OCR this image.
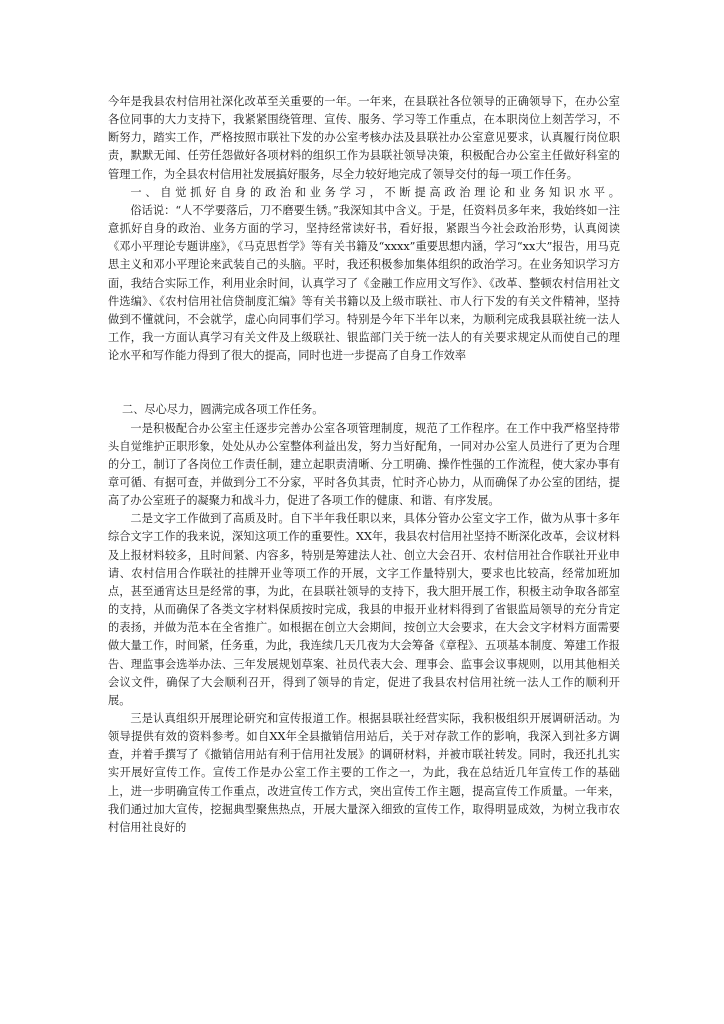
今年是我县农村信用社深化改革至关重要的一年。一年来，在县联社各位领导的正确领导下，在办公室各位同事的大力支持下，我紧紧围绕管理、宣传、服务、学习等工作重点，在本职岗位上刻苦学习，不断努力，踏实工作，严格按照市联社下发的办公室考核办法及县联社办公室意见要求，认真履行岗位职责，默默无闻、任劳任怨做好各项材料的组织工作为县联社领导决策，积极配合办公室主任做好科室的管理工作，为全县农村信用社发展搞好服务，尽全力较好地完成了领导交付的每一项工作任务。

一、自觉抓好自身的政治和业务学习，不断提高政治理论和业务知识水平。

俗话说：“人不学要落后，刀不磨要生锈。”我深知其中含义。于是，任资料员多年来，我始终如一注意抓好自身的政治、业务方面的学习，坚持经常读好书，看好报，紧跟当今社会政治形势，认真阅读《邓小平理论专题讲座》，《马克思哲学》等有关书籍及“xxxx”重要思想内涵，学习“xx大”报告，用马克思主义和邓小平理论来武装自己的头脑。平时，我还积极参加集体组织的政治学习。在业务知识学习方面，我结合实际工作，利用业余时间，认真学习了《金融工作应用文写作》、《改革、整顿农村信用社文件选编》、《农村信用社信贷制度汇编》等有关书籍以及上级市联社、市人行下发的有关文件精神，坚持做到不懂就问，不会就学，虚心向同事们学习。特别是今年下半年以来，为顺利完成我县联社统一法人工作，我一方面认真学习有关文件及上级联社、银监部门关于统一法人的有关要求规定从而使自己的理论水平和写作能力得到了很大的提高，同时也进一步提高了自身工作效率

二、尽心尽力，圆满完成各项工作任务。

一是积极配合办公室主任逐步完善办公室各项管理制度，规范了工作程序。在工作中我严格坚持带头自觉维护正职形象，处处从办公室整体利益出发，努力当好配角，一同对办公室人员进行了更为合理的分工，制订了各岗位工作责任制，建立起职责清晰、分工明确、操作性强的工作流程，使大家办事有章可循、有据可查，并做到分工不分家，平时各负其责，忙时齐心协力，从而确保了办公室的团结，提高了办公室班子的凝聚力和战斗力，促进了各项工作的健康、和谐、有序发展。

二是文字工作做到了高质及时。自下半年我任职以来，具体分管办公室文字工作，做为从事十多年综合文字工作的我来说，深知这项工作的重要性。XX年，我县农村信用社坚持不断深化改革，会议材料及上报材料较多，且时间紧、内容多，特别是筹建法人社、创立大会召开、农村信用社合作联社开业申请、农村信用合作联社的挂牌开业等项工作的开展，文字工作量特别大，要求也比较高，经常加班加点，甚至通宵达旦是经常的事，为此，在县联社领导的支持下，我大胆开展工作，积极主动争取各部室的支持，从而确保了各类文字材料保质按时完成，我县的申报开业材料得到了省银监局领导的充分肯定的表扬，并做为范本在全省推广。如根据在创立大会期间，按创立大会要求，在大会文字材料方面需要做大量工作，时间紧，任务重，为此，我连续几天几夜为大会筹备《章程》、五项基本制度、筹建工作报告、理监事会选举办法、三年发展规划草案、社员代表大会、理事会、监事会议事规则，以用其他相关会议文件，确保了大会顺利召开，得到了领导的肯定，促进了我县农村信用社统一法人工作的顺利开展。

三是认真组织开展理论研究和宣传报道工作。根据县联社经营实际，我积极组织开展调研活动。为领导提供有效的资料参考。如自XX年全县撤销信用站后，关于对存款工作的影响，我深入到社多方调查，并着手撰写了《撤销信用站有利于信用社发展》的调研材料，并被市联社转发。同时，我还扎扎实实开展好宣传工作。宣传工作是办公室工作主要的工作之一，为此，我在总结近几年宣传工作的基础上，进一步明确宣传工作重点，改进宣传工作方式，突出宣传工作主题，提高宣传工作质量。一年来，我们通过加大宣传，挖掘典型聚焦热点，开展大量深入细致的宣传工作，取得明显成效，为树立我市农村信用社良好的
